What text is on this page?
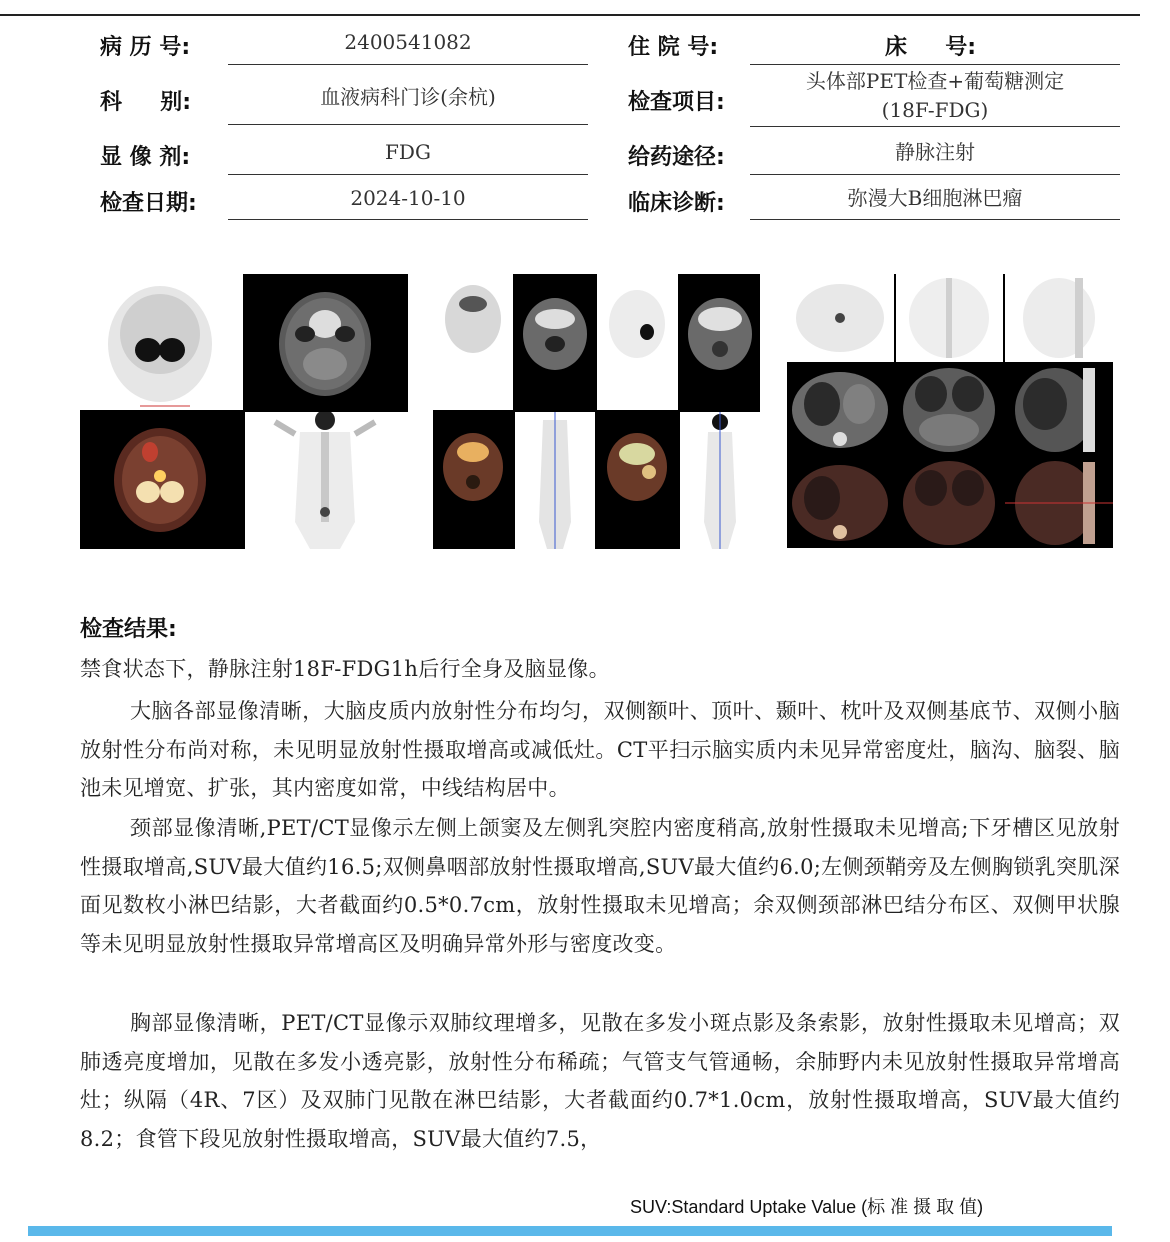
病 历 号:	2400541082	住 院 号:	床     号:
科     别:	血液病科门诊(余杭)	检查项目:
头体部PET检查+葡萄糖测定
(18F-FDG)
显 像 剂:	FDG	给药途径:	静脉注射
检查日期:	2024-10-10	临床诊断:	弥漫大B细胞淋巴瘤
检查结果:
禁食状态下，静脉注射18F-FDG1h后行全身及脑显像。
大脑各部显像清晰，大脑皮质内放射性分布均匀，双侧额叶、顶叶、颞叶、枕叶及双侧基底节、双侧小脑放射性分布尚对称，未见明显放射性摄取增高或减低灶。CT平扫示脑实质内未见异常密度灶，脑沟、脑裂、脑池未见增宽、扩张，其内密度如常，中线结构居中。
颈部显像清晰,PET/CT显像示左侧上颌窦及左侧乳突腔内密度稍高,放射性摄取未见增高;下牙槽区见放射性摄取增高,SUV最大值约16.5;双侧鼻咽部放射性摄取增高,SUV最大值约6.0;左侧颈鞘旁及左侧胸锁乳突肌深面见数枚小淋巴结影，大者截面约0.5*0.7cm，放射性摄取未见增高；余双侧颈部淋巴结分布区、双侧甲状腺等未见明显放射性摄取异常增高区及明确异常外形与密度改变。
胸部显像清晰，PET/CT显像示双肺纹理增多，见散在多发小斑点影及条索影，放射性摄取未见增高；双肺透亮度增加，见散在多发小透亮影，放射性分布稀疏；气管支气管通畅，余肺野内未见放射性摄取异常增高灶；纵隔（4R、7区）及双肺门见散在淋巴结影，大者截面约0.7*1.0cm，放射性摄取增高，SUV最大值约8.2；食管下段见放射性摄取增高，SUV最大值约7.5，
SUV:Standard Uptake Value (标 准 摄 取 值)
